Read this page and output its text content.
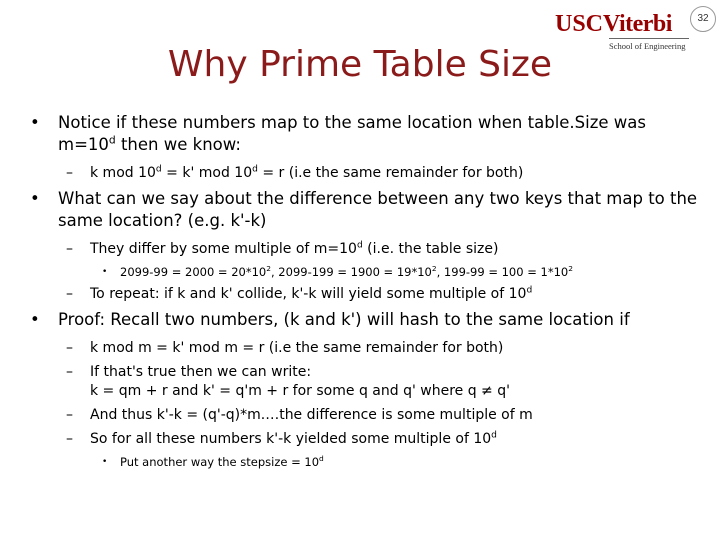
32
USCViterbi
School of Engineering
Why Prime Table Size
• Notice if these numbers map to the same location when table.Size was $m=10^d$ then we know:
– k mod $10^d = k'$ mod $10^d = r$ (i.e the same remainder for both)
• What can we say about the difference between any two keys that map to the same location? (e.g. k'-k)
– They differ by some multiple of $m=10^d$ (i.e. the table size)
• $2099-99 = 2000 = 20*10^2$, $2099-199 = 1900 = 19*10^2$, $199-99 = 100 = 1*10^2$
– To repeat: if k and k' collide, k'-k will yield some multiple of 10$^d$
• Proof: Recall two numbers, (k and k') will hash to the same location if
– k mod m = k' mod m = r (i.e the same remainder for both)
– If that's true then we can write:
k = qm + r and k' = q'm + r for some q and q' where q ≠ q'
– And thus k'-k = (q'-q)*m.…the difference is some multiple of m
– So for all these numbers k'-k yielded some multiple of 10$^d$
• Put another way the stepsize = $10^d$
